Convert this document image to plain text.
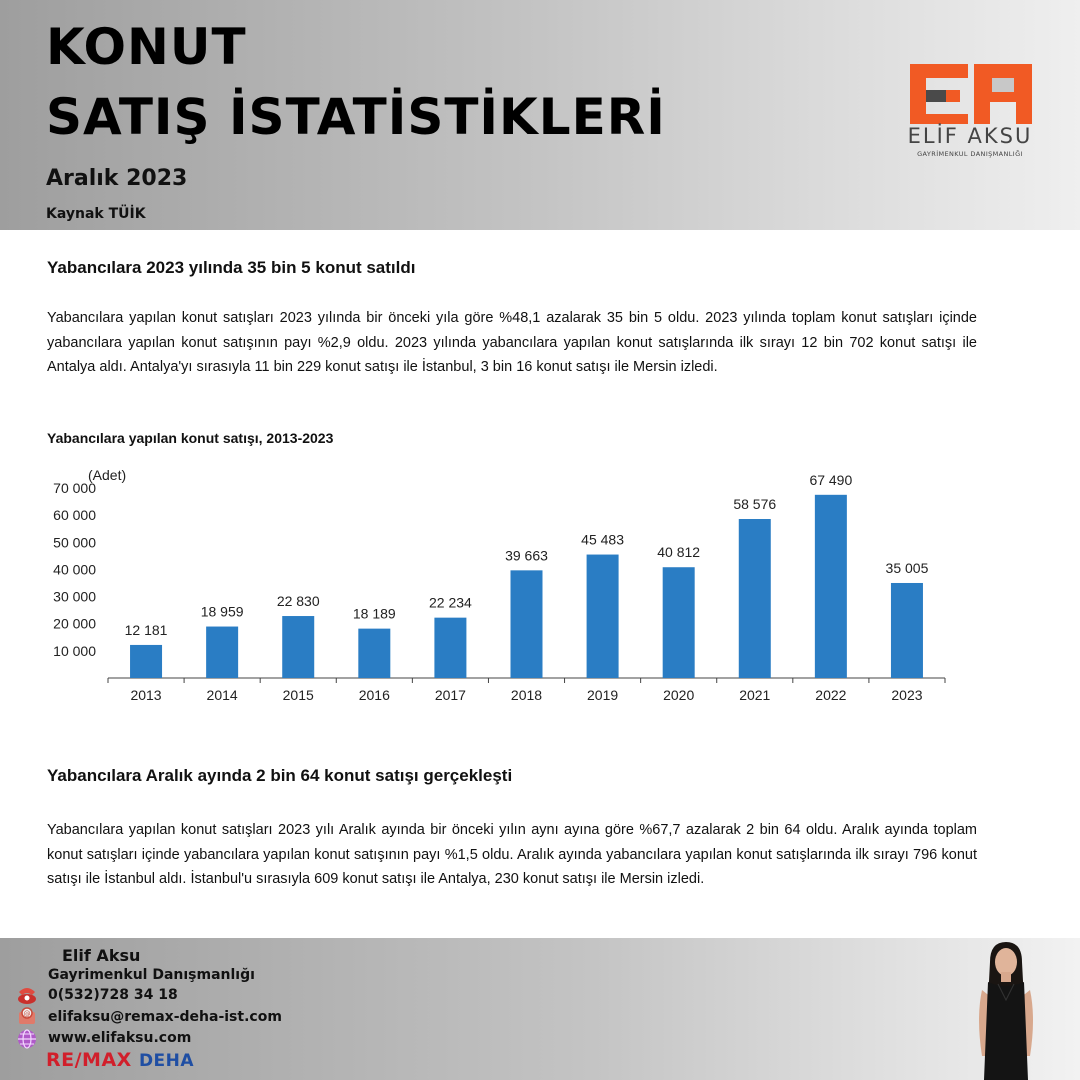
KONUT
SATIŞ İSTATİSTİKLERİ
Aralık 2023
Kaynak TÜİK
ELİF AKSU
GAYRİMENKUL DANIŞMANLIĞI
Yabancılara 2023 yılında 35 bin 5 konut satıldı
Yabancılara yapılan konut satışları 2023 yılında bir önceki yıla göre %48,1 azalarak 35 bin 5 oldu. 2023 yılında toplam konut satışları içinde yabancılara yapılan konut satışının payı %2,9 oldu. 2023 yılında yabancılara yapılan konut satışlarında ilk sırayı 12 bin 702 konut satışı ile Antalya aldı. Antalya'yı sırasıyla 11 bin 229 konut satışı ile İstanbul, 3 bin 16 konut satışı ile Mersin izledi.
Yabancılara yapılan konut satışı, 2013-2023
(Adet)
10 000
20 000
30 000
40 000
50 000
60 000
70 000
12 181
2013
18 959
2014
22 830
2015
18 189
2016
22 234
2017
39 663
2018
45 483
2019
40 812
2020
58 576
2021
67 490
2022
35 005
2023
Yabancılara Aralık ayında 2 bin 64 konut satışı gerçekleşti
Yabancılara yapılan konut satışları 2023 yılı Aralık ayında bir önceki yılın aynı ayına göre %67,7 azalarak 2 bin 64 oldu. Aralık ayında toplam konut satışları içinde yabancılara yapılan konut satışının payı %1,5 oldu. Aralık ayında yabancılara yapılan konut satışlarında ilk sırayı 796 konut satışı ile İstanbul aldı. İstanbul'u sırasıyla 609 konut satışı ile Antalya, 230 konut satışı ile Mersin izledi.
Elif Aksu
Gayrimenkul Danışmanlığı
0(532)728 34 18
@ elifaksu@remax-deha-ist.com
www.elifaksu.com
RE/MAX DEHA
